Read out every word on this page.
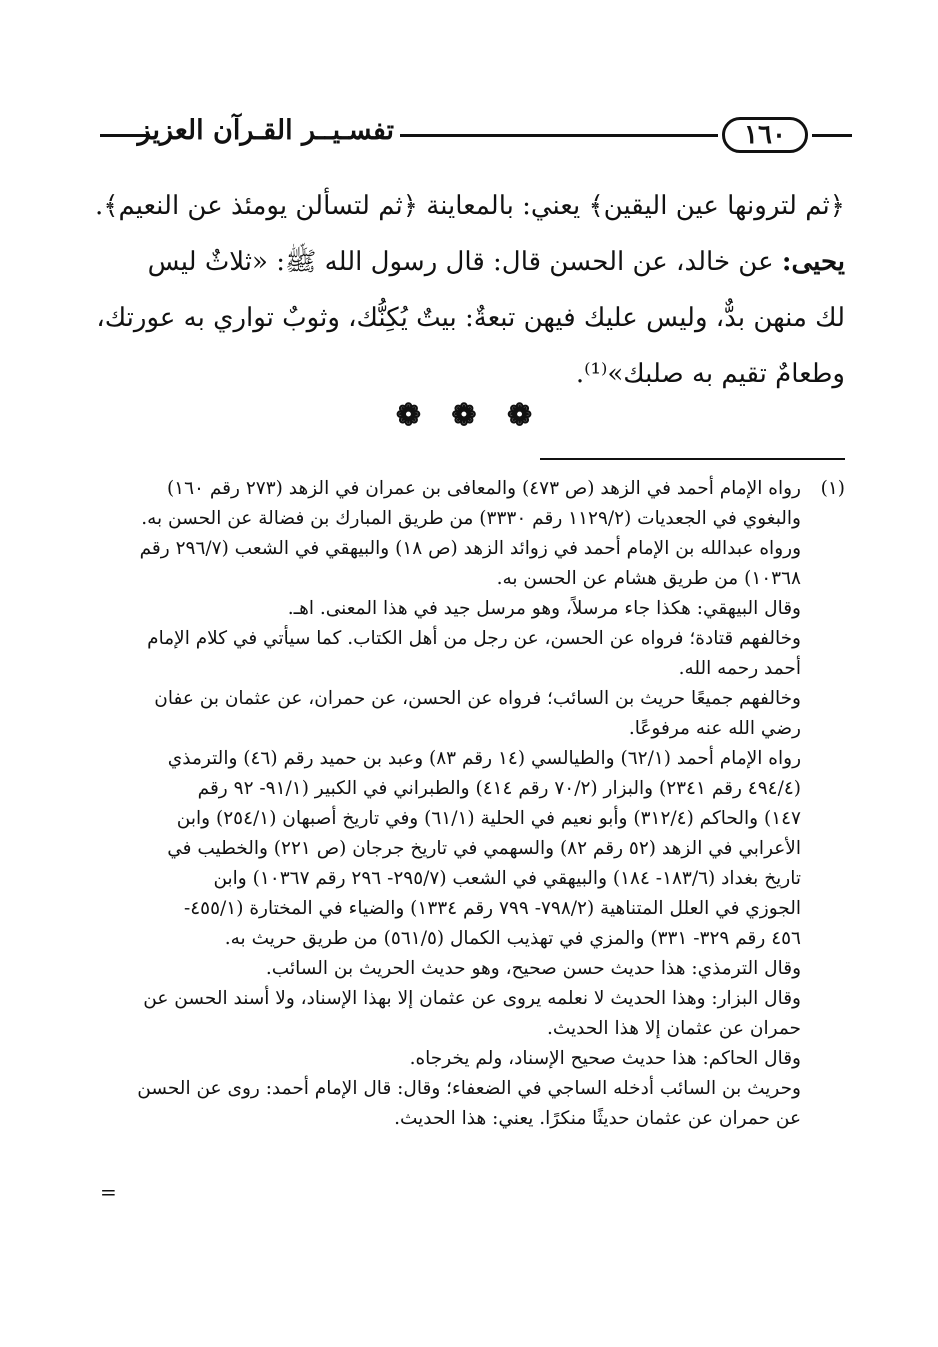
تفسـيــر القـرآن العزيز	١٦٠
﴿ثم لترونها عين اليقين﴾ يعني: بالمعاينة ﴿ثم لتسألن يومئذ عن النعيم﴾.
يحيى: عن خالد، عن الحسن قال: قال رسول الله ﷺ: «ثلاثٌ ليس
لك منهن بدٌّ، وليس عليك فيهن تبعةٌ: بيتٌ يُكِنُّك، وثوبٌ تواري به عورتك،
وطعامٌ تقيم به صلبك»⁽¹⁾.
❁ ❁ ❁
(١)
رواه الإمام أحمد في الزهد (ص ٤٧٣) والمعافى بن عمران في الزهد (٢٧٣ رقم ١٦٠)
والبغوي في الجعديات (١١٢٩/٢ رقم ٣٣٣٠) من طريق المبارك بن فضالة عن الحسن به.
ورواه عبدالله بن الإمام أحمد في زوائد الزهد (ص ١٨) والبيهقي في الشعب (٢٩٦/٧ رقم
١٠٣٦٨) من طريق هشام عن الحسن به.
وقال البيهقي: هكذا جاء مرسلاً، وهو مرسل جيد في هذا المعنى. اهـ.
وخالفهم قتادة؛ فرواه عن الحسن، عن رجل من أهل الكتاب. كما سيأتي في كلام الإمام
أحمد رحمه الله.
وخالفهم جميعًا حريث بن السائب؛ فرواه عن الحسن، عن حمران، عن عثمان بن عفان
رضي الله عنه مرفوعًا.
رواه الإمام أحمد (٦٢/١) والطيالسي (١٤ رقم ٨٣) وعبد بن حميد رقم (٤٦) والترمذي
(٤٩٤/٤ رقم ٢٣٤١) والبزار (٧٠/٢ رقم ٤١٤) والطبراني في الكبير (٩١/١- ٩٢ رقم
١٤٧) والحاكم (٣١٢/٤) وأبو نعيم في الحلية (٦١/١) وفي تاريخ أصبهان (٢٥٤/١) وابن
الأعرابي في الزهد (٥٢ رقم ٨٢) والسهمي في تاريخ جرجان (ص ٢٢١) والخطيب في
تاريخ بغداد (١٨٣/٦- ١٨٤) والبيهقي في الشعب (٢٩٥/٧- ٢٩٦ رقم ١٠٣٦٧) وابن
الجوزي في العلل المتناهية (٧٩٨/٢- ٧٩٩ رقم ١٣٣٤) والضياء في المختارة (٤٥٥/١-
٤٥٦ رقم ٣٢٩- ٣٣١) والمزي في تهذيب الكمال (٥٦١/٥) من طريق حريث به.
وقال الترمذي: هذا حديث حسن صحيح، وهو حديث الحريث بن السائب.
وقال البزار: وهذا الحديث لا نعلمه يروى عن عثمان إلا بهذا الإسناد، ولا أسند الحسن عن
حمران عن عثمان إلا هذا الحديث.
وقال الحاكم: هذا حديث صحيح الإسناد، ولم يخرجاه.
وحريث بن السائب أدخله الساجي في الضعفاء؛ وقال: قال الإمام أحمد: روى عن الحسن
عن حمران عن عثمان حديثًا منكرًا. يعني: هذا الحديث.
=
